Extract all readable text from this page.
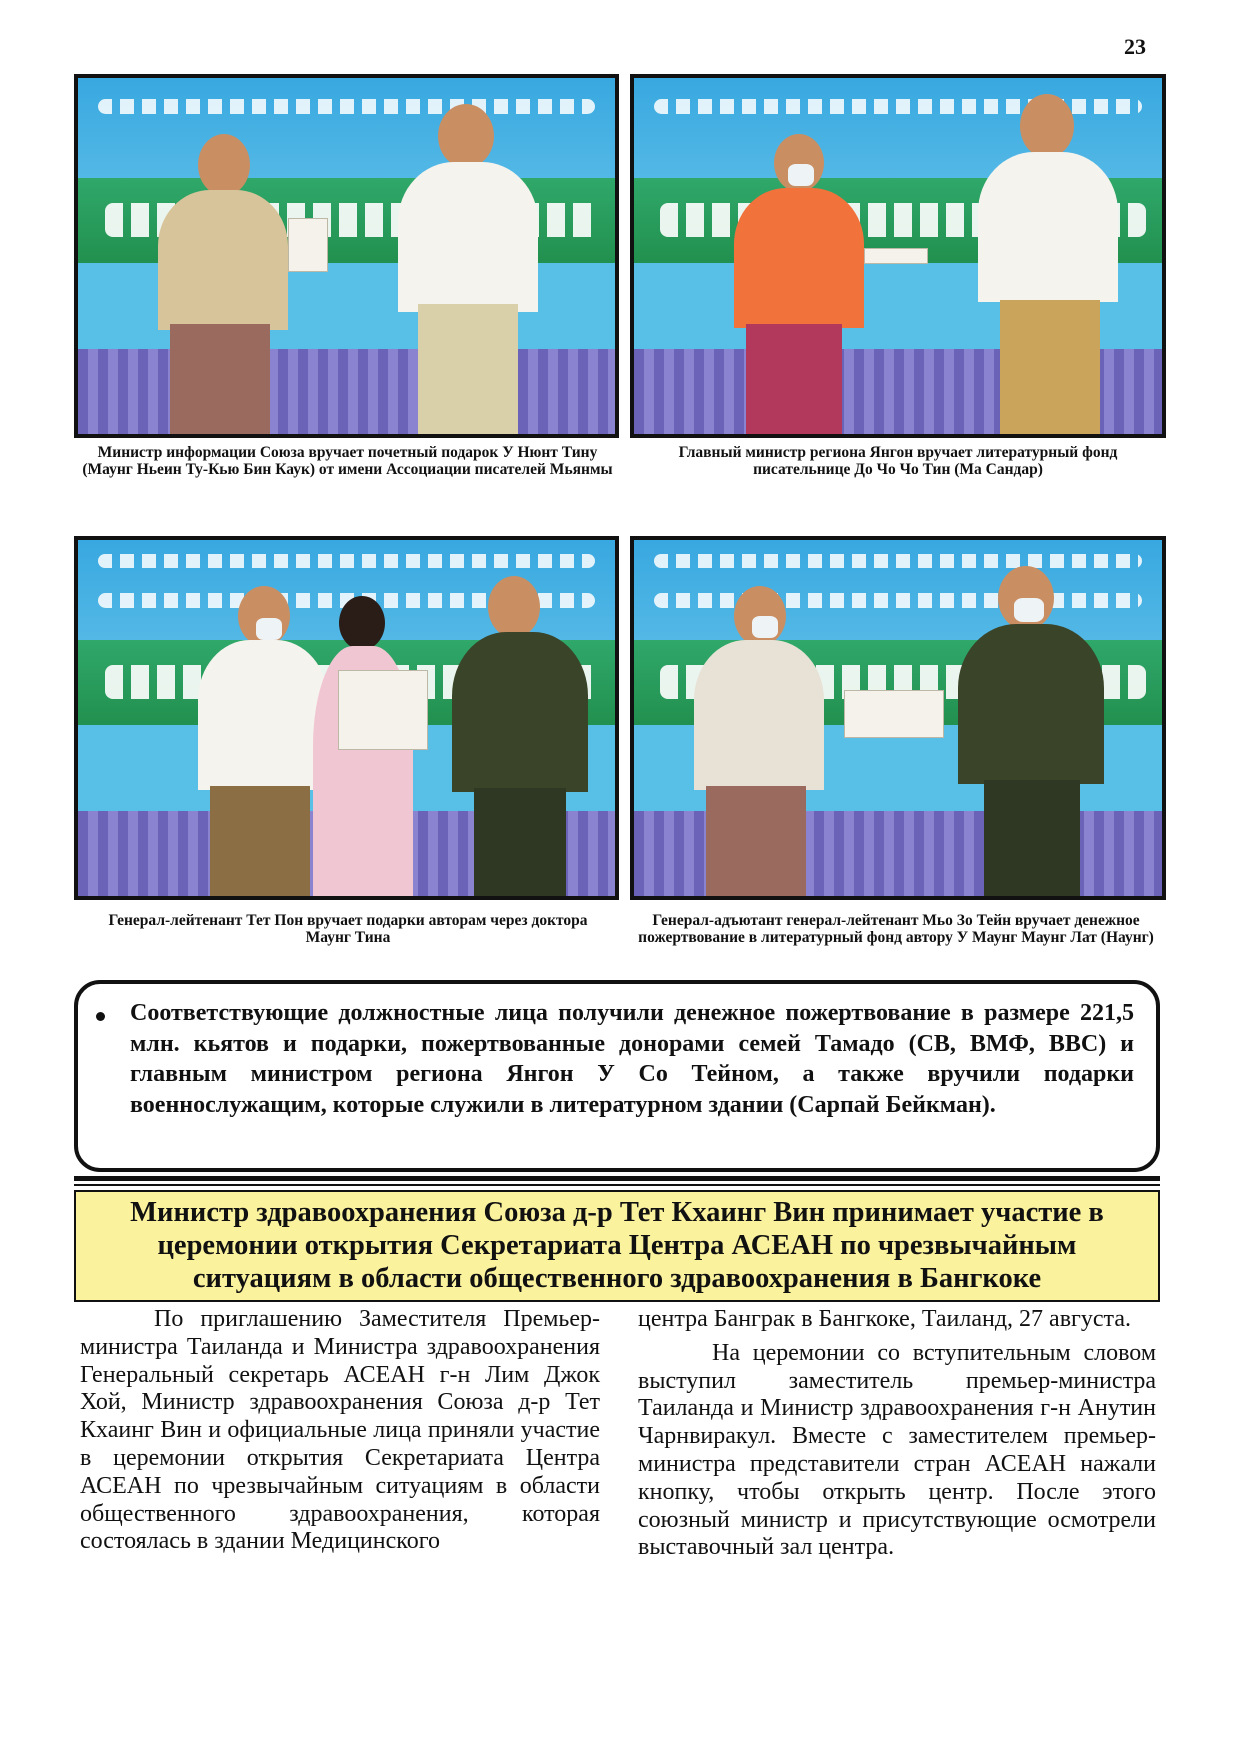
23
Министр информации Союза вручает почетный подарок У Нюнт Тину (Маунг Ньеин Ту-Кью Бин Каук) от имени Ассоциации писателей Мьянмы
Главный министр региона Янгон вручает литературный фонд писательнице До Чо Чо Тин (Ма Сандар)
Генерал-лейтенант Тет Пон вручает подарки авторам через доктора Маунг Тина
Генерал-адъютант генерал-лейтенант Мьо Зо Тейн вручает денежное пожертвование в литературный фонд автору У Маунг Маунг Лат (Наунг)
Соответствующие должностные лица получили денежное пожертвование в размере 221,5 млн. кьятов и подарки, пожертвованные донорами семей Тамадо (СВ, ВМФ, ВВС) и главным министром региона Янгон У Со Тейном, а также вручили подарки военнослужащим, которые служили в литературном здании (Сарпай Бейкман).
Министр здравоохранения Союза д-р Тет Кхаинг Вин принимает участие в церемонии открытия Секретариата Центра АСЕАН по чрезвычайным ситуациям в области общественного здравоохранения в Бангкоке

По приглашению Заместителя Премьер-министра Таиланда и Министра здравоохранения Генеральный секретарь АСЕАН г-н Лим Джок Хой, Министр здравоохранения Союза д-р Тет Кхаинг Вин и официальные лица приняли участие в церемонии открытия Секретариата Центра АСЕАН по чрезвычайным ситуациям в области общественного здравоохранения, которая состоялась в здании Медицинского

центра Банграк в Бангкоке, Таиланд, 27 августа.

На церемонии со вступительным словом выступил заместитель премьер-министра Таиланда и Министр здравоохранения г-н Анутин Чарнвиракул. Вместе с заместителем премьер-министра представители стран АСЕАН нажали кнопку, чтобы открыть центр. После этого союзный министр и присутствующие осмотрели выставочный зал центра.
